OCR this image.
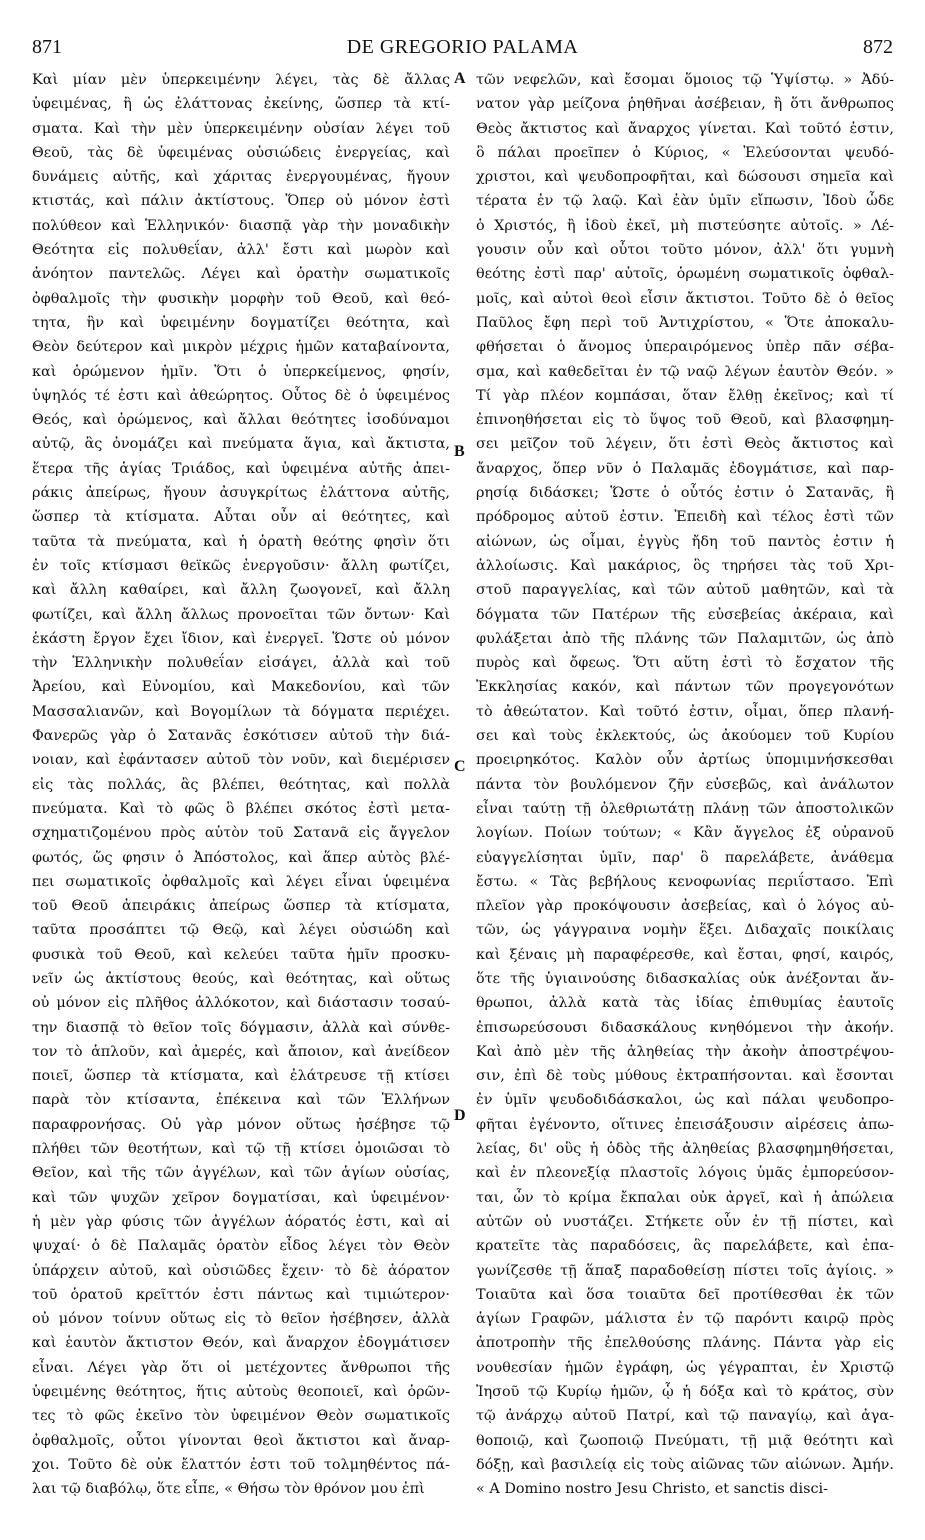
871	DE GREGORIO PALAMA	872
Καὶ μίαν μὲν ὑπερκειμένην λέγει, τὰς δὲ ἄλλας
ὑφειμένας, ἢ ὡς ἐλάττονας ἐκείνης, ὥσπερ τὰ κτί-
σματα. Καὶ τὴν μὲν ὑπερκειμένην οὐσίαν λέγει τοῦ
Θεοῦ, τὰς δὲ ὑφειμένας οὐσιώδεις ἐνεργείας, καὶ
δυνάμεις αὐτῆς, καὶ χάριτας ἐνεργουμένας, ἤγουν
κτιστάς, καὶ πάλιν ἀκτίστους. Ὅπερ οὐ μόνον ἐστὶ
πολύθεον καὶ Ἑλληνικόν· διασπᾷ γὰρ τὴν μοναδικὴν
Θεότητα εἰς πολυθεΐαν, ἀλλ' ἔστι καὶ μωρὸν καὶ
ἀνόητον παντελῶς. Λέγει καὶ ὁρατὴν σωματικοῖς
ὀφθαλμοῖς τὴν φυσικὴν μορφὴν τοῦ Θεοῦ, καὶ θεό-
τητα, ἣν καὶ ὑφειμένην δογματίζει θεότητα, καὶ
Θεὸν δεύτερον καὶ μικρὸν μέχρις ἡμῶν καταβαίνοντα,
καὶ ὁρώμενον ἡμῖν. Ὅτι ὁ ὑπερκείμενος, φησίν,
ὑψηλός τέ ἐστι καὶ ἀθεώρητος. Οὗτος δὲ ὁ ὑφειμένος
Θεός, καὶ ὁρώμενος, καὶ ἄλλαι θεότητες ἰσοδύναμοι
αὐτῷ, ἃς ὀνομάζει καὶ πνεύματα ἅγια, καὶ ἄκτιστα,
ἕτερα τῆς ἁγίας Τριάδος, καὶ ὑφειμένα αὐτῆς ἀπει-
ράκις ἀπείρως, ἤγουν ἀσυγκρίτως ἐλάττονα αὐτῆς,
ὥσπερ τὰ κτίσματα. Αὗται οὖν αἱ θεότητες, καὶ
ταῦτα τὰ πνεύματα, καὶ ἡ ὁρατὴ θεότης φησὶν ὅτι
ἐν τοῖς κτίσμασι θεϊκῶς ἐνεργοῦσιν· ἄλλη φωτίζει,
καὶ ἄλλη καθαίρει, καὶ ἄλλη ζωογονεῖ, καὶ ἄλλη
φωτίζει, καὶ ἄλλη ἄλλως προνοεῖται τῶν ὄντων· Καὶ
ἑκάστη ἔργον ἔχει ἴδιον, καὶ ἐνεργεῖ. Ὥστε οὐ μόνον
τὴν Ἑλληνικὴν πολυθεΐαν εἰσάγει, ἀλλὰ καὶ τοῦ
Ἀρείου, καὶ Εὐνομίου, καὶ Μακεδονίου, καὶ τῶν
Μασσαλιανῶν, καὶ Βογομίλων τὰ δόγματα περιέχει.
Φανερῶς γὰρ ὁ Σατανᾶς ἐσκότισεν αὐτοῦ τὴν διά-
νοιαν, καὶ ἐφάντασεν αὐτοῦ τὸν νοῦν, καὶ διεμέρισεν
εἰς τὰς πολλάς, ἃς βλέπει, θεότητας, καὶ πολλὰ
πνεύματα. Καὶ τὸ φῶς ὃ βλέπει σκότος ἐστὶ μετα-
σχηματιζομένου πρὸς αὐτὸν τοῦ Σατανᾶ εἰς ἄγγελον
φωτός, ὥς φησιν ὁ Ἀπόστολος, καὶ ἅπερ αὐτὸς βλέ-
πει σωματικοῖς ὀφθαλμοῖς καὶ λέγει εἶναι ὑφειμένα
τοῦ Θεοῦ ἀπειράκις ἀπείρως ὥσπερ τὰ κτίσματα,
ταῦτα προσάπτει τῷ Θεῷ, καὶ λέγει οὐσιώδη καὶ
φυσικὰ τοῦ Θεοῦ, καὶ κελεύει ταῦτα ἡμῖν προσκυ-
νεῖν ὡς ἀκτίστους θεούς, καὶ θεότητας, καὶ οὕτως
οὐ μόνον εἰς πλῆθος ἀλλόκοτον, καὶ διάστασιν τοσαύ-
την διασπᾷ τὸ θεῖον τοῖς δόγμασιν, ἀλλὰ καὶ σύνθε-
τον τὸ ἁπλοῦν, καὶ ἀμερές, καὶ ἄποιον, καὶ ἀνείδεον
ποιεῖ, ὥσπερ τὰ κτίσματα, καὶ ἐλάτρευσε τῇ κτίσει
παρὰ τὸν κτίσαντα, ἐπέκεινα καὶ τῶν Ἑλλήνων
παραφρονήσας. Οὐ γὰρ μόνον οὕτως ἠσέβησε τῷ
πλήθει τῶν θεοτήτων, καὶ τῷ τῇ κτίσει ὁμοιῶσαι τὸ
Θεῖον, καὶ τῆς τῶν ἀγγέλων, καὶ τῶν ἁγίων οὐσίας,
καὶ τῶν ψυχῶν χεῖρον δογματίσαι, καὶ ὑφειμένον·
ἡ μὲν γὰρ φύσις τῶν ἀγγέλων ἀόρατός ἐστι, καὶ αἱ
ψυχαί· ὁ δὲ Παλαμᾶς ὁρατὸν εἶδος λέγει τὸν Θεὸν
ὑπάρχειν αὐτοῦ, καὶ οὐσιῶδες ἔχειν· τὸ δὲ ἀόρατον
τοῦ ὁρατοῦ κρεῖττόν ἐστι πάντως καὶ τιμιώτερον·
οὐ μόνον τοίνυν οὕτως εἰς τὸ θεῖον ἠσέβησεν, ἀλλὰ
καὶ ἑαυτὸν ἄκτιστον Θεόν, καὶ ἄναρχον ἐδογμάτισεν
εἶναι. Λέγει γὰρ ὅτι οἱ μετέχοντες ἄνθρωποι τῆς
ὑφειμένης θεότητος, ἥτις αὐτοὺς θεοποιεῖ, καὶ ὁρῶν-
τες τὸ φῶς ἐκεῖνο τὸν ὑφειμένον Θεὸν σωματικοῖς
ὀφθαλμοῖς, οὗτοι γίνονται θεοὶ ἄκτιστοι καὶ ἄναρ-
χοι. Τοῦτο δὲ οὐκ ἔλαττόν ἐστι τοῦ τολμηθέντος πά-
λαι τῷ διαβόλῳ, ὅτε εἶπε, « Θήσω τὸν θρόνον μου ἐπὶ
τῶν νεφελῶν, καὶ ἔσομαι ὅμοιος τῷ Ὑψίστῳ. » Ἀδύ-
νατον γὰρ μείζονα ῥηθῆναι ἀσέβειαν, ἢ ὅτι ἄνθρωπος
Θεὸς ἄκτιστος καὶ ἄναρχος γίνεται. Καὶ τοῦτό ἐστιν,
ὃ πάλαι προεῖπεν ὁ Κύριος, « Ἐλεύσονται ψευδό-
χριστοι, καὶ ψευδοπροφῆται, καὶ δώσουσι σημεῖα καὶ
τέρατα ἐν τῷ λαῷ. Καὶ ἐὰν ὑμῖν εἴπωσιν, Ἰδοὺ ὧδε
ὁ Χριστός, ἢ ἰδοὺ ἐκεῖ, μὴ πιστεύσητε αὐτοῖς. » Λέ-
γουσιν οὖν καὶ οὗτοι τοῦτο μόνον, ἀλλ' ὅτι γυμνὴ
θεότης ἐστὶ παρ' αὐτοῖς, ὁρωμένη σωματικοῖς ὀφθαλ-
μοῖς, καὶ αὐτοὶ θεοὶ εἶσιν ἄκτιστοι. Τοῦτο δὲ ὁ θεῖος
Παῦλος ἔφη περὶ τοῦ Ἀντιχρίστου, « Ὅτε ἀποκαλυ-
φθήσεται ὁ ἄνομος ὑπεραιρόμενος ὑπὲρ πᾶν σέβα-
σμα, καὶ καθεδεῖται ἐν τῷ ναῷ λέγων ἑαυτὸν Θεόν. »
Τί γὰρ πλέον κομπάσαι, ὅταν ἔλθῃ ἐκεῖνος; καὶ τί
ἐπινοηθήσεται εἰς τὸ ὕψος τοῦ Θεοῦ, καὶ βλασφημη-
σει μεῖζον τοῦ λέγειν, ὅτι ἐστὶ Θεὸς ἄκτιστος καὶ
ἄναρχος, ὅπερ νῦν ὁ Παλαμᾶς ἐδογμάτισε, καὶ παρ-
ρησίᾳ διδάσκει; Ὥστε ὁ οὗτός ἐστιν ὁ Σατανᾶς, ἢ
πρόδρομος αὐτοῦ ἐστιν. Ἐπειδὴ καὶ τέλος ἐστὶ τῶν
αἰώνων, ὡς οἶμαι, ἐγγὺς ἤδη τοῦ παντὸς ἐστιν ἡ
ἀλλοίωσις. Καὶ μακάριος, ὃς τηρήσει τὰς τοῦ Χρι-
στοῦ παραγγελίας, καὶ τῶν αὐτοῦ μαθητῶν, καὶ τὰ
δόγματα τῶν Πατέρων τῆς εὐσεβείας ἀκέραια, καὶ
φυλάξεται ἀπὸ τῆς πλάνης τῶν Παλαμιτῶν, ὡς ἀπὸ
πυρὸς καὶ ὄφεως. Ὅτι αὕτη ἐστὶ τὸ ἔσχατον τῆς
Ἐκκλησίας κακόν, καὶ πάντων τῶν προγεγονότων
τὸ ἀθεώτατον. Καὶ τοῦτό ἐστιν, οἶμαι, ὅπερ πλανή-
σει καὶ τοὺς ἐκλεκτούς, ὡς ἀκούομεν τοῦ Κυρίου
προειρηκότος. Καλὸν οὖν ἀρτίως ὑπομιμνήσκεσθαι
πάντα τὸν βουλόμενον ζῆν εὐσεβῶς, καὶ ἀνάλωτον
εἶναι ταύτῃ τῇ ὀλεθριωτάτῃ πλάνῃ τῶν ἀποστολικῶν
λογίων. Ποίων τούτων; « Κἂν ἄγγελος ἐξ οὐρανοῦ
εὐαγγελίσηται ὑμῖν, παρ' ὃ παρελάβετε, ἀνάθεμα
ἔστω. « Τὰς βεβήλους κενοφωνίας περιΐστασο. Ἐπὶ
πλεῖον γὰρ προκόψουσιν ἀσεβείας, καὶ ὁ λόγος αὐ-
τῶν, ὡς γάγγραινα νομὴν ἕξει. Διδαχαῖς ποικίλαις
καὶ ξέναις μὴ παραφέρεσθε, καὶ ἔσται, φησί, καιρός,
ὅτε τῆς ὑγιαινούσης διδασκαλίας οὐκ ἀνέξονται ἄν-
θρωποι, ἀλλὰ κατὰ τὰς ἰδίας ἐπιθυμίας ἑαυτοῖς
ἐπισωρεύσουσι διδασκάλους κνηθόμενοι τὴν ἀκοήν.
Καὶ ἀπὸ μὲν τῆς ἀληθείας τὴν ἀκοὴν ἀποστρέψου-
σιν, ἐπὶ δὲ τοὺς μύθους ἐκτραπήσονται. καὶ ἔσονται
ἐν ὑμῖν ψευδοδιδάσκαλοι, ὡς καὶ πάλαι ψευδοπρο-
φῆται ἐγένοντο, οἵτινες ἐπεισάξουσιν αἱρέσεις ἀπω-
λείας, δι' οὓς ἡ ὁδὸς τῆς ἀληθείας βλασφημηθήσεται,
καὶ ἐν πλεονεξίᾳ πλαστοῖς λόγοις ὑμᾶς ἐμπορεύσον-
ται, ὧν τὸ κρίμα ἔκπαλαι οὐκ ἀργεῖ, καὶ ἡ ἀπώλεια
αὐτῶν οὐ νυστάζει. Στήκετε οὖν ἐν τῇ πίστει, καὶ
κρατεῖτε τὰς παραδόσεις, ἃς παρελάβετε, καὶ ἐπα-
γωνίζεσθε τῇ ἅπαξ παραδοθείσῃ πίστει τοῖς ἁγίοις. »
Τοιαῦτα καὶ ὅσα τοιαῦτα δεῖ προτίθεσθαι ἐκ τῶν
ἁγίων Γραφῶν, μάλιστα ἐν τῷ παρόντι καιρῷ πρὸς
ἀποτροπὴν τῆς ἐπελθούσης πλάνης. Πάντα γὰρ εἰς
νουθεσίαν ἡμῶν ἐγράφη, ὡς γέγραπται, ἐν Χριστῷ
Ἰησοῦ τῷ Κυρίῳ ἡμῶν, ᾧ ἡ δόξα καὶ τὸ κράτος, σὺν
τῷ ἀνάρχῳ αὐτοῦ Πατρί, καὶ τῷ παναγίῳ, καὶ ἀγα-
θοποιῷ, καὶ ζωοποιῷ Πνεύματι, τῇ μιᾷ θεότητι καὶ
δόξῃ, καὶ βασιλείᾳ εἰς τοὺς αἰῶνας τῶν αἰώνων. Ἀμήν.
« A Domino nostro Jesu Christo, et sanctis disci-
A
B
C
D
